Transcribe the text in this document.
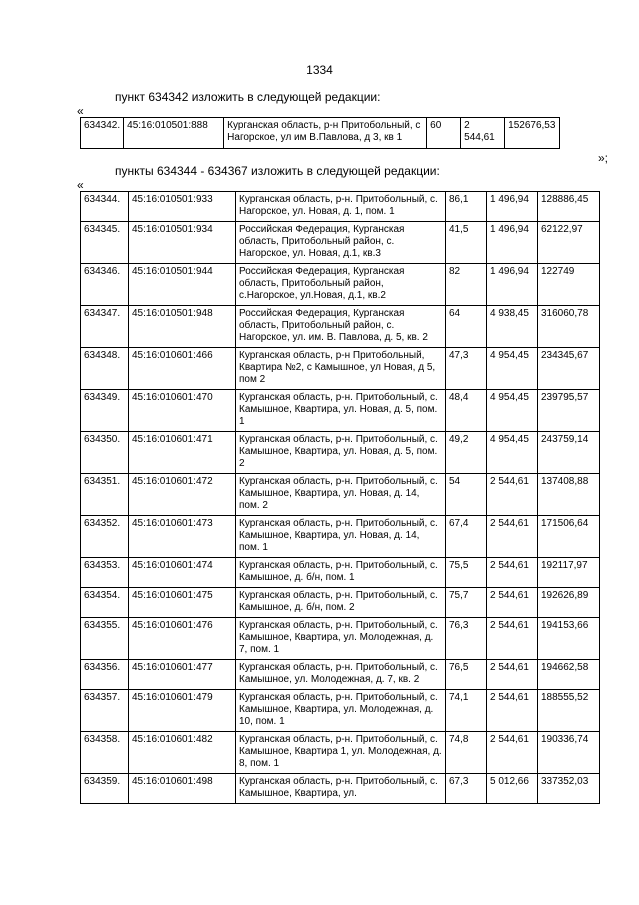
1334
пункт 634342 изложить в следующей редакции:
«
634342.	45:16:010501:888	Курганская область, р-н Притобольный, с Нагорское, ул им В.Павлова, д 3, кв 1	60	2 544,61	152676,53
»;
пункты 634344 - 634367 изложить в следующей редакции:
«
634344.	45:16:010501:933	Курганская область, р-н. Притобольный, с. Нагорское, ул. Новая, д. 1, пом. 1	86,1	1 496,94	128886,45
634345.	45:16:010501:934	Российская Федерация, Курганская область, Притобольный район, с. Нагорское, ул. Новая, д.1, кв.3	41,5	1 496,94	62122,97
634346.	45:16:010501:944	Российская Федерация, Курганская область, Притобольный район, с.Нагорское, ул.Новая, д.1, кв.2	82	1 496,94	122749
634347.	45:16:010501:948	Российская Федерация, Курганская область, Притобольный район, с. Нагорское, ул. им. В. Павлова, д. 5, кв. 2	64	4 938,45	316060,78
634348.	45:16:010601:466	Курганская область, р-н Притобольный, Квартира №2, с Камышное, ул Новая, д 5, пом 2	47,3	4 954,45	234345,67
634349.	45:16:010601:470	Курганская область, р-н. Притобольный, с. Камышное, Квартира, ул. Новая, д. 5, пом. 1	48,4	4 954,45	239795,57
634350.	45:16:010601:471	Курганская область, р-н. Притобольный, с. Камышное, Квартира, ул. Новая, д. 5, пом. 2	49,2	4 954,45	243759,14
634351.	45:16:010601:472	Курганская область, р-н. Притобольный, с. Камышное, Квартира, ул. Новая, д. 14, пом. 2	54	2 544,61	137408,88
634352.	45:16:010601:473	Курганская область, р-н. Притобольный, с. Камышное, Квартира, ул. Новая, д. 14, пом. 1	67,4	2 544,61	171506,64
634353.	45:16:010601:474	Курганская область, р-н. Притобольный, с. Камышное, д. б/н, пом. 1	75,5	2 544,61	192117,97
634354.	45:16:010601:475	Курганская область, р-н. Притобольный, с. Камышное, д. б/н, пом. 2	75,7	2 544,61	192626,89
634355.	45:16:010601:476	Курганская область, р-н. Притобольный, с. Камышное, Квартира, ул. Молодежная, д. 7, пом. 1	76,3	2 544,61	194153,66
634356.	45:16:010601:477	Курганская область, р-н. Притобольный, с. Камышное, ул. Молодежная, д. 7, кв. 2	76,5	2 544,61	194662,58
634357.	45:16:010601:479	Курганская область, р-н. Притобольный, с. Камышное, Квартира, ул. Молодежная, д. 10, пом. 1	74,1	2 544,61	188555,52
634358.	45:16:010601:482	Курганская область, р-н. Притобольный, с. Камышное, Квартира 1, ул. Молодежная, д. 8, пом. 1	74,8	2 544,61	190336,74
634359.	45:16:010601:498	Курганская область, р-н. Притобольный, с. Камышное, Квартира, ул.	67,3	5 012,66	337352,03
